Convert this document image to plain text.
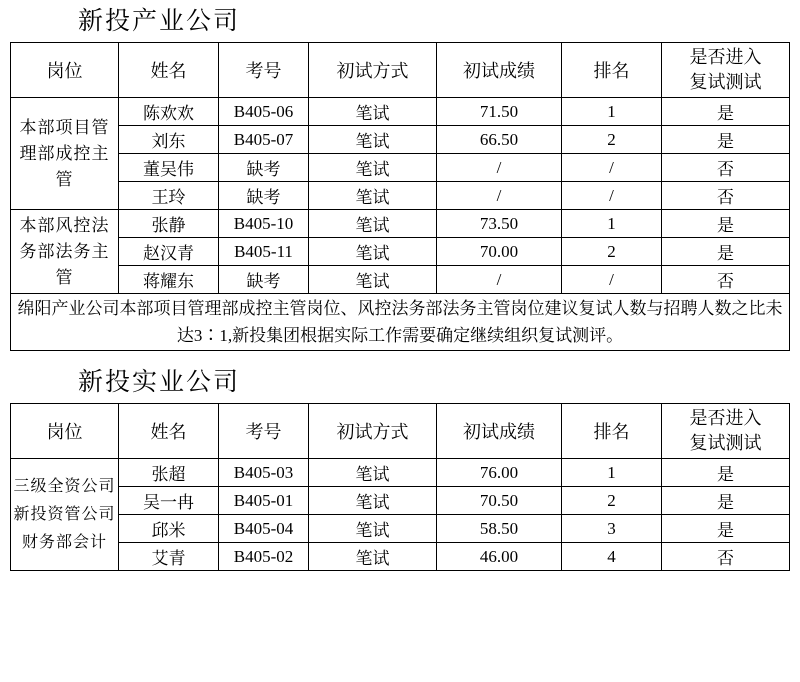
新投产业公司
岗位	姓名	考号	初试方式	初试成绩	排名	是否进入
复试测试

本部项目管理部成控主管	陈欢欢	B405-06	笔试	71.50	1	是
	刘东	B405-07	笔试	66.50	2	是
	董吴伟	缺考	笔试	/	/	否
	王玲	缺考	笔试	/	/	否
本部风控法务部法务主管	张静	B405-10	笔试	73.50	1	是
	赵汉青	B405-11	笔试	70.00	2	是
	蒋耀东	缺考	笔试	/	/	否
绵阳产业公司本部项目管理部成控主管岗位、风控法务部法务主管岗位建议复试人数与招聘人数之比未达3∶1,新投集团根据实际工作需要确定继续组织复试测评。						
新投实业公司
岗位	姓名	考号	初试方式	初试成绩	排名	是否进入
复试测试

三级全资公司新投资管公司财务部会计	张超	B405-03	笔试	76.00	1	是
	吴一冉	B405-01	笔试	70.50	2	是
	邱米	B405-04	笔试	58.50	3	是
	艾青	B405-02	笔试	46.00	4	否
